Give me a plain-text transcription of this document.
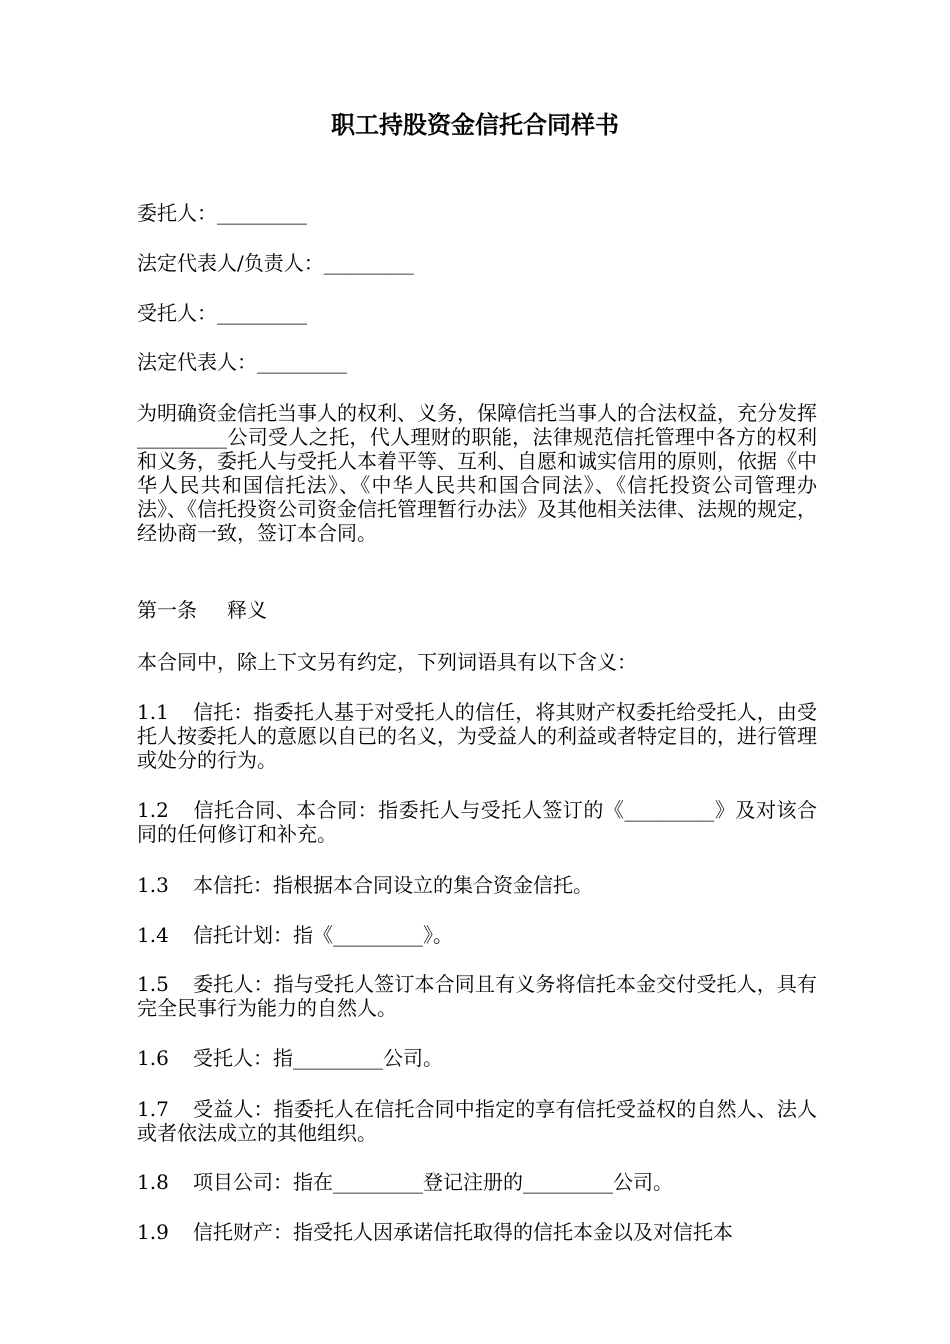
职工持股资金信托合同样书
委托人：_________
法定代表人/负责人：_________
受托人：_________
法定代表人：_________
为明确资金信托当事人的权利、义务，保障信托当事人的合法权益，充分发挥_________公司受人之托，代人理财的职能，法律规范信托管理中各方的权利和义务，委托人与受托人本着平等、互利、自愿和诚实信用的原则，依据《中华人民共和国信托法》、《中华人民共和国合同法》、《信托投资公司管理办法》、《信托投资公司资金信托管理暂行办法》及其他相关法律、法规的规定，经协商一致，签订本合同。
第一条 释义
本合同中，除上下文另有约定，下列词语具有以下含义：
1.1 信托：指委托人基于对受托人的信任，将其财产权委托给受托人，由受托人按委托人的意愿以自已的名义，为受益人的利益或者特定目的，进行管理或处分的行为。
1.2 信托合同、本合同：指委托人与受托人签订的《_________》及对该合同的任何修订和补充。
1.3 本信托：指根据本合同设立的集合资金信托。
1.4 信托计划：指《_________》。
1.5 委托人：指与受托人签订本合同且有义务将信托本金交付受托人，具有完全民事行为能力的自然人。
1.6 受托人：指_________公司。
1.7 受益人：指委托人在信托合同中指定的享有信托受益权的自然人、法人或者依法成立的其他组织。
1.8 项目公司：指在_________登记注册的_________公司。
1.9 信托财产：指受托人因承诺信托取得的信托本金以及对信托本
